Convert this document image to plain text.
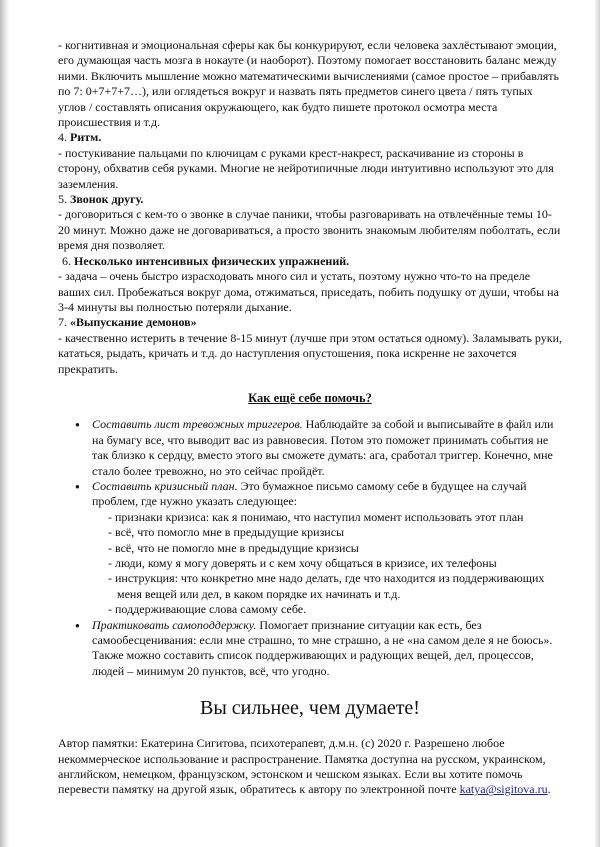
- когнитивная и эмоциональная сферы как бы конкурируют, если человека захлёстывают эмоции, его думающая часть мозга в нокауте (и наоборот). Поэтому помогает восстановить баланс между ними. Включить мышление можно математическими вычислениями (самое простое – прибавлять по 7: 0+7+7+7…), или оглядеться вокруг и назвать пять предметов синего цвета / пять тупых углов / составлять описания окружающего, как будто пишете протокол осмотра места происшествия и т.д.

4. Ритм.

- постукивание пальцами по ключицам с руками крест-накрест, раскачивание из стороны в сторону, обхватив себя руками. Многие не нейротипичные люди интуитивно используют это для заземления.

5. Звонок другу.

- договориться с кем-то о звонке в случае паники, чтобы разговаривать на отвлечённые темы 10-20 минут. Можно даже не договариваться, а просто звонить знакомым любителям поболтать, если время дня позволяет.

6. Несколько интенсивных физических упражнений.

- задача – очень быстро израсходовать много сил и устать, поэтому нужно что-то на пределе ваших сил. Пробежаться вокруг дома, отжиматься, приседать, побить подушку от души, чтобы на 3-4 минуты вы полностью потеряли дыхание.

7. «Выпускание демонов»

- качественно истерить в течение 8-15 минут (лучше при этом остаться одному). Заламывать руки, кататься, рыдать, кричать и т.д. до наступления опустошения, пока искренне не захочется прекратить.

Как ещё себе помочь?

● Составить лист тревожных триггеров. Наблюдайте за собой и выписывайте в файл или на бумагу все, что выводит вас из равновесия. Потом это поможет принимать события не так близко к сердцу, вместо этого вы сможете думать: ага, сработал триггер. Конечно, мне стало более тревожно, но это сейчас пройдёт.
● Составить кризисный план. Это бумажное письмо самому себе в будущее на случай проблем, где нужно указать следующее:
- признаки кризиса: как я понимаю, что наступил момент использовать этот план
- всё, что помогло мне в предыдущие кризисы
- всё, что не помогло мне в предыдущие кризисы
- люди, кому я могу доверять и с кем хочу общаться в кризисе, их телефоны
- инструкция: что конкретно мне надо делать, где что находится из поддерживающих меня вещей или дел, в каком порядке их начинать и т.д.
- поддерживающие слова самому себе.
● Практиковать самоподдержку. Помогает признание ситуации как есть, без самообесценивания: если мне страшно, то мне страшно, а не «на самом деле я не боюсь». Также можно составить список поддерживающих и радующих вещей, дел, процессов, людей – минимум 20 пунктов, всё, что угодно.

Вы сильнее, чем думаете!

Автор памятки: Екатерина Сигитова, психотерапевт, д.м.н. (c) 2020 г. Разрешено любое некоммерческое использование и распространение. Памятка доступна на русском, украинском, английском, немецком, французском, эстонском и чешском языках. Если вы хотите помочь перевести памятку на другой язык, обратитесь к автору по электронной почте katya@sigitova.ru.
